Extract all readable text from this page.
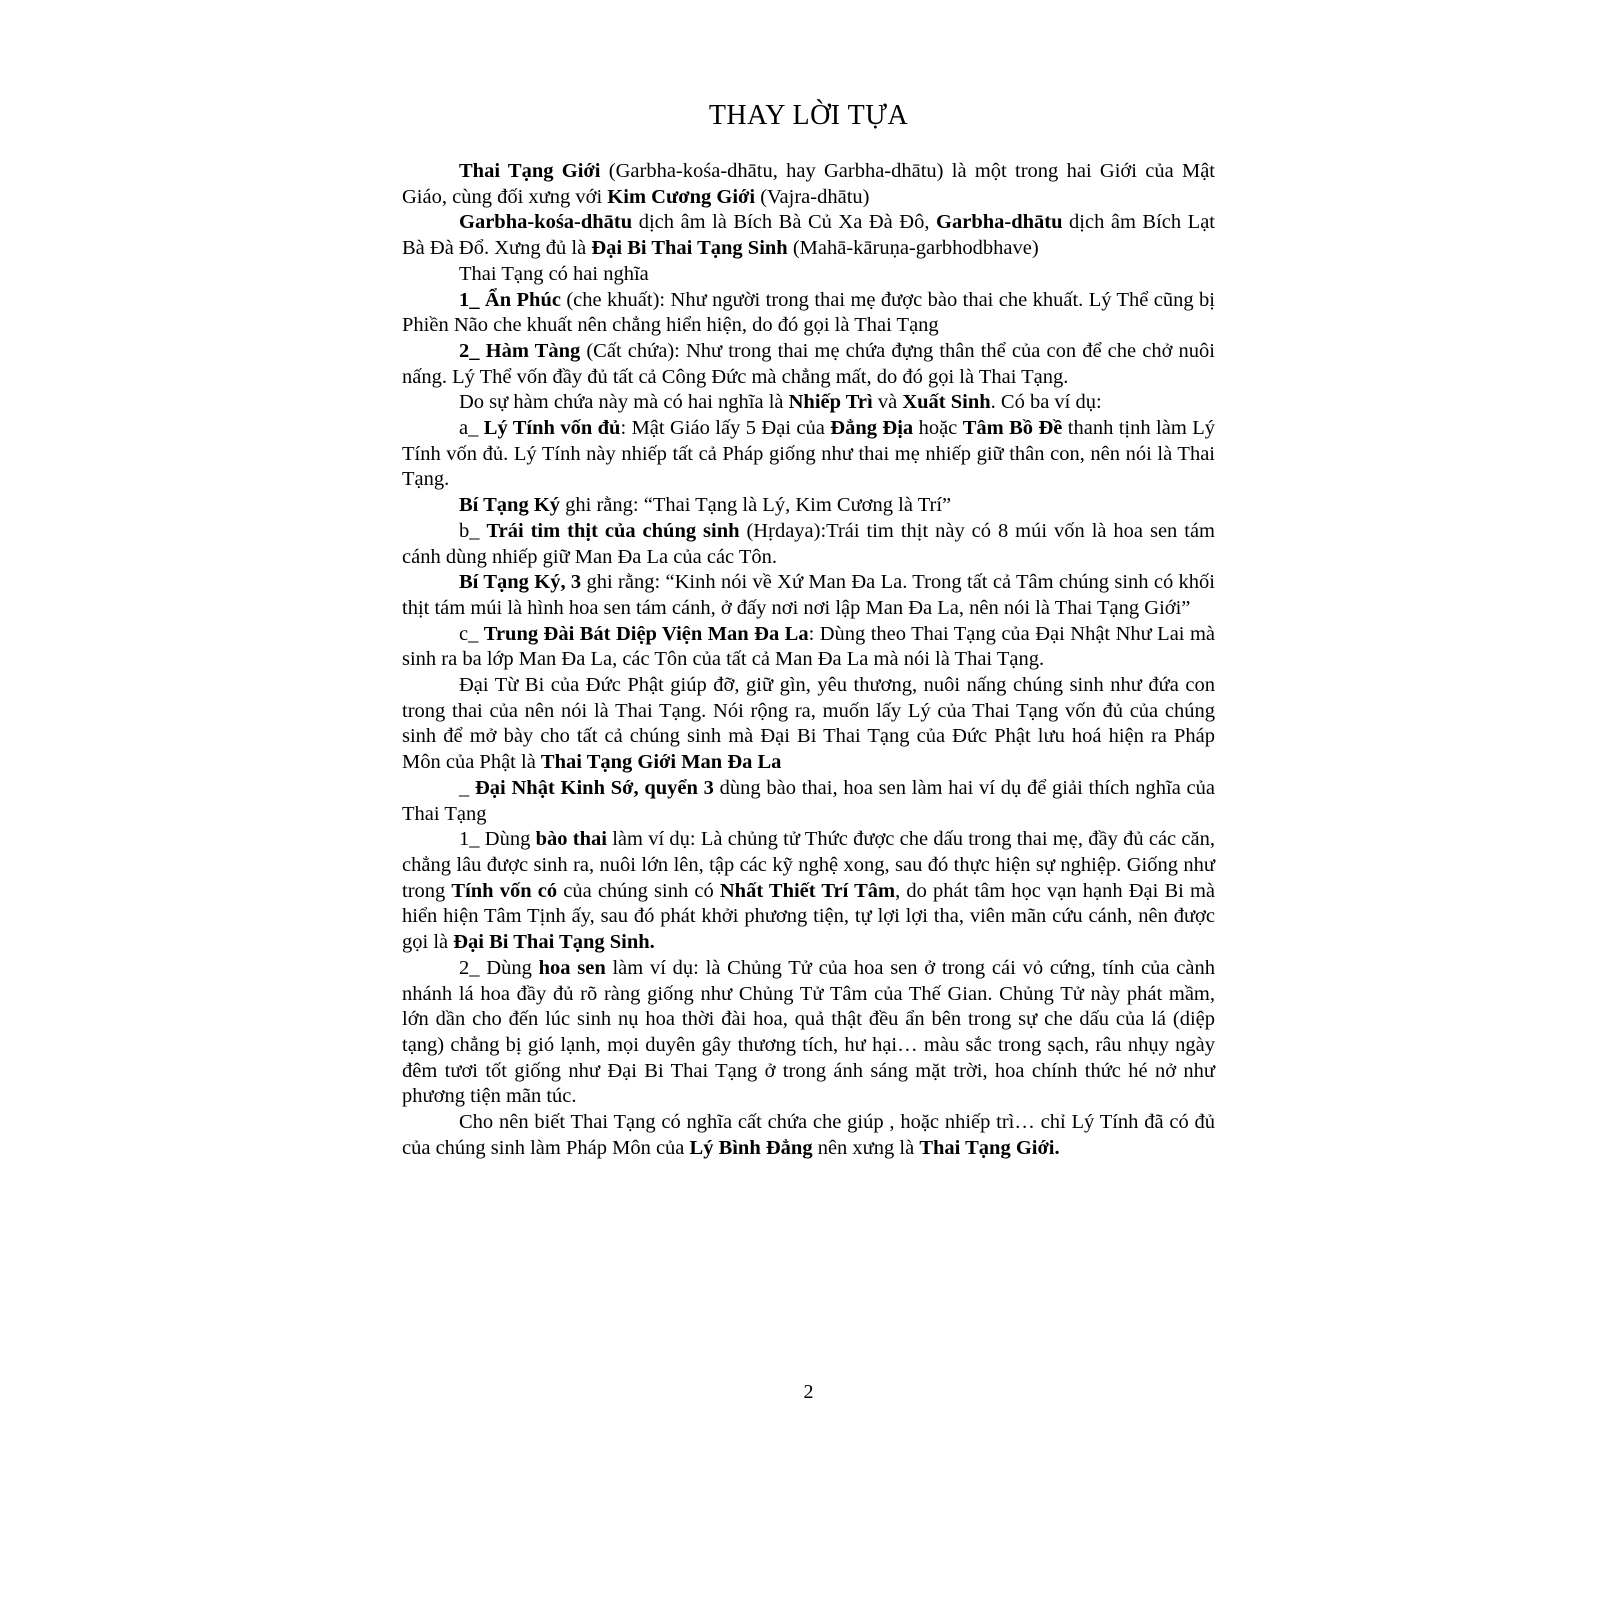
THAY LỜI TỰA

Thai Tạng Giới (Garbha-kośa-dhātu, hay Garbha-dhātu) là một trong hai Giới của Mật Giáo, cùng đối xưng với Kim Cương Giới (Vajra-dhātu)

Garbha-kośa-dhātu dịch âm là Bích Bà Củ Xa Đà Đô, Garbha-dhātu dịch âm Bích Lạt Bà Đà Đổ. Xưng đủ là Đại Bi Thai Tạng Sinh (Mahā-kāruṇa-garbhodbhave)

Thai Tạng có hai nghĩa

1_ Ẩn Phúc (che khuất): Như người trong thai mẹ được bào thai che khuất. Lý Thể cũng bị Phiền Não che khuất nên chẳng hiển hiện, do đó gọi là Thai Tạng

2_ Hàm Tàng (Cất chứa): Như trong thai mẹ chứa đựng thân thể của con để che chở nuôi nấng. Lý Thể vốn đầy đủ tất cả Công Đức mà chẳng mất, do đó gọi là Thai Tạng.

Do sự hàm chứa này mà có hai nghĩa là Nhiếp Trì và Xuất Sinh. Có ba ví dụ:

a_ Lý Tính vốn đủ: Mật Giáo lấy 5 Đại của Đẳng Địa hoặc Tâm Bồ Đề thanh tịnh làm Lý Tính vốn đủ. Lý Tính này nhiếp tất cả Pháp giống như thai mẹ nhiếp giữ thân con, nên nói là Thai Tạng.

Bí Tạng Ký ghi rằng: “Thai Tạng là Lý, Kim Cương là Trí”

b_ Trái tim thịt của chúng sinh (Hṛdaya):Trái tim thịt này có 8 múi vốn là hoa sen tám cánh dùng nhiếp giữ Man Đa La của các Tôn.

Bí Tạng Ký, 3 ghi rằng: “Kinh nói về Xứ Man Đa La. Trong tất cả Tâm chúng sinh có khối thịt tám múi là hình hoa sen tám cánh, ở đấy nơi nơi lập Man Đa La, nên nói là Thai Tạng Giới”

c_ Trung Đài Bát Diệp Viện Man Đa La: Dùng theo Thai Tạng của Đại Nhật Như Lai mà sinh ra ba lớp Man Đa La, các Tôn của tất cả Man Đa La mà nói là Thai Tạng.

Đại Từ Bi của Đức Phật giúp đỡ, giữ gìn, yêu thương, nuôi nấng chúng sinh như đứa con trong thai của nên nói là Thai Tạng. Nói rộng ra, muốn lấy Lý của Thai Tạng vốn đủ của chúng sinh để mở bày cho tất cả chúng sinh mà Đại Bi Thai Tạng của Đức Phật lưu hoá hiện ra Pháp Môn của Phật là Thai Tạng Giới Man Đa La

_ Đại Nhật Kinh Sớ, quyển 3 dùng bào thai, hoa sen làm hai ví dụ để giải thích nghĩa của Thai Tạng

1_ Dùng bào thai làm ví dụ: Là chủng tử Thức được che dấu trong thai mẹ, đầy đủ các căn, chẳng lâu được sinh ra, nuôi lớn lên, tập các kỹ nghệ xong, sau đó thực hiện sự nghiệp. Giống như trong Tính vốn có của chúng sinh có Nhất Thiết Trí Tâm, do phát tâm học vạn hạnh Đại Bi mà hiển hiện Tâm Tịnh ấy, sau đó phát khởi phương tiện, tự lợi lợi tha, viên mãn cứu cánh, nên được gọi là Đại Bi Thai Tạng Sinh.

2_ Dùng hoa sen làm ví dụ: là Chủng Tử của hoa sen ở trong cái vỏ cứng, tính của cành nhánh lá hoa đầy đủ rõ ràng giống như Chủng Tử Tâm của Thế Gian. Chủng Tử này phát mầm, lớn dần cho đến lúc sinh nụ hoa thời đài hoa, quả thật đều ẩn bên trong sự che dấu của lá (diệp tạng) chẳng bị gió lạnh, mọi duyên gây thương tích, hư hại… màu sắc trong sạch, râu nhụy ngày đêm tươi tốt giống như Đại Bi Thai Tạng ở trong ánh sáng mặt trời, hoa chính thức hé nở như phương tiện mãn túc.

Cho nên biết Thai Tạng có nghĩa cất chứa che giúp , hoặc nhiếp trì… chỉ Lý Tính đã có đủ của chúng sinh làm Pháp Môn của Lý Bình Đẳng nên xưng là Thai Tạng Giới.

2
